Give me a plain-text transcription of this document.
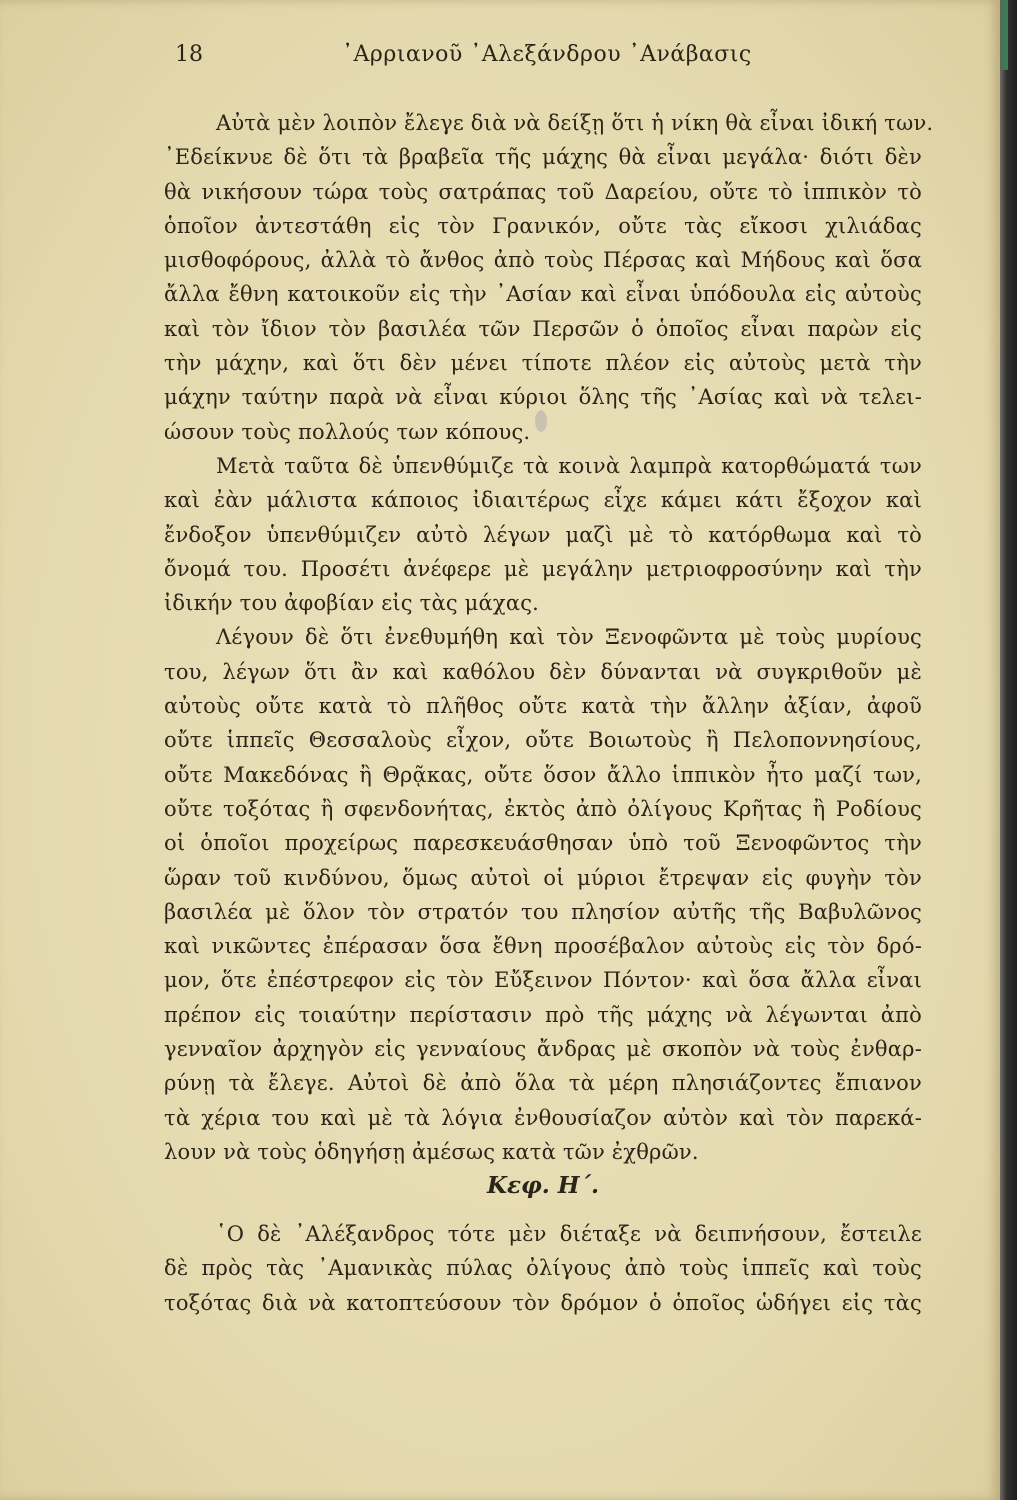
18	᾿Αρριανοῦ ᾿Αλεξάνδρου ᾿Ανάβασις
Αὐτὰ μὲν λοιπὸν ἔλεγε διὰ νὰ δείξῃ ὅτι ἡ νίκη θὰ εἶναι ἰδική των.
᾿Εδείκνυε δὲ ὅτι τὰ βραβεῖα τῆς μάχης θὰ εἶναι μεγάλα· διότι δὲν
θὰ νικήσουν τώρα τοὺς σατράπας τοῦ Δαρείου, οὔτε τὸ ἱππικὸν τὸ
ὁποῖον ἀντεστάθη εἰς τὸν Γρανικόν, οὔτε τὰς εἴκοσι χιλιάδας
μισθοφόρους, ἀλλὰ τὸ ἄνθος ἀπὸ τοὺς Πέρσας καὶ Μήδους καὶ ὅσα
ἄλλα ἔθνη κατοικοῦν εἰς τὴν ᾿Ασίαν καὶ εἶναι ὑπόδουλα εἰς αὐτοὺς
καὶ τὸν ἴδιον τὸν βασιλέα τῶν Περσῶν ὁ ὁποῖος εἶναι παρὼν εἰς
τὴν μάχην, καὶ ὅτι δὲν μένει τίποτε πλέον εἰς αὐτοὺς μετὰ τὴν
μάχην ταύτην παρὰ νὰ εἶναι κύριοι ὅλης τῆς ᾿Ασίας καὶ νὰ τελει-
ώσουν τοὺς πολλούς των κόπους.
Μετὰ ταῦτα δὲ ὑπενθύμιζε τὰ κοινὰ λαμπρὰ κατορθώματά των
καὶ ἐὰν μάλιστα κάποιος ἰδιαιτέρως εἶχε κάμει κάτι ἔξοχον καὶ
ἔνδοξον ὑπενθύμιζεν αὐτὸ λέγων μαζὶ μὲ τὸ κατόρθωμα καὶ τὸ
ὄνομά του. Προσέτι ἀνέφερε μὲ μεγάλην μετριοφροσύνην καὶ τὴν
ἰδικήν του ἀφοβίαν εἰς τὰς μάχας.
Λέγουν δὲ ὅτι ἐνεθυμήθη καὶ τὸν Ξενοφῶντα μὲ τοὺς μυρίους
του, λέγων ὅτι ἂν καὶ καθόλου δὲν δύνανται νὰ συγκριθοῦν μὲ
αὐτοὺς οὔτε κατὰ τὸ πλῆθος οὔτε κατὰ τὴν ἄλλην ἀξίαν, ἀφοῦ
οὔτε ἱππεῖς Θεσσαλοὺς εἶχον, οὔτε Βοιωτοὺς ἢ Πελοποννησίους,
οὔτε Μακεδόνας ἢ Θρᾷκας, οὔτε ὅσον ἄλλο ἱππικὸν ἦτο μαζί των,
οὔτε τοξότας ἢ σφενδονήτας, ἐκτὸς ἀπὸ ὀλίγους Κρῆτας ἢ Ροδίους
οἱ ὁποῖοι προχείρως παρεσκευάσθησαν ὑπὸ τοῦ Ξενοφῶντος τὴν
ὥραν τοῦ κινδύνου, ὅμως αὐτοὶ οἱ μύριοι ἔτρεψαν εἰς φυγὴν τὸν
βασιλέα μὲ ὅλον τὸν στρατόν του πλησίον αὐτῆς τῆς Βαβυλῶνος
καὶ νικῶντες ἐπέρασαν ὅσα ἔθνη προσέβαλον αὐτοὺς εἰς τὸν δρό-
μον, ὅτε ἐπέστρεφον εἰς τὸν Εὔξεινον Πόντον· καὶ ὅσα ἄλλα εἶναι
πρέπον εἰς τοιαύτην περίστασιν πρὸ τῆς μάχης νὰ λέγωνται ἀπὸ
γενναῖον ἀρχηγὸν εἰς γενναίους ἄνδρας μὲ σκοπὸν νὰ τοὺς ἐνθαρ-
ρύνῃ τὰ ἔλεγε. Αὐτοὶ δὲ ἀπὸ ὅλα τὰ μέρη πλησιάζοντες ἔπιανον
τὰ χέρια του καὶ μὲ τὰ λόγια ἐνθουσίαζον αὐτὸν καὶ τὸν παρεκά-
λουν νὰ τοὺς ὁδηγήσῃ ἀμέσως κατὰ τῶν ἐχθρῶν.
Κεφ. Η΄.
῾Ο δὲ ᾿Αλέξανδρος τότε μὲν διέταξε νὰ δειπνήσουν, ἔστειλε
δὲ πρὸς τὰς ᾿Αμανικὰς πύλας ὀλίγους ἀπὸ τοὺς ἱππεῖς καὶ τοὺς
τοξότας διὰ νὰ κατοπτεύσουν τὸν δρόμον ὁ ὁποῖος ὡδήγει εἰς τὰς
